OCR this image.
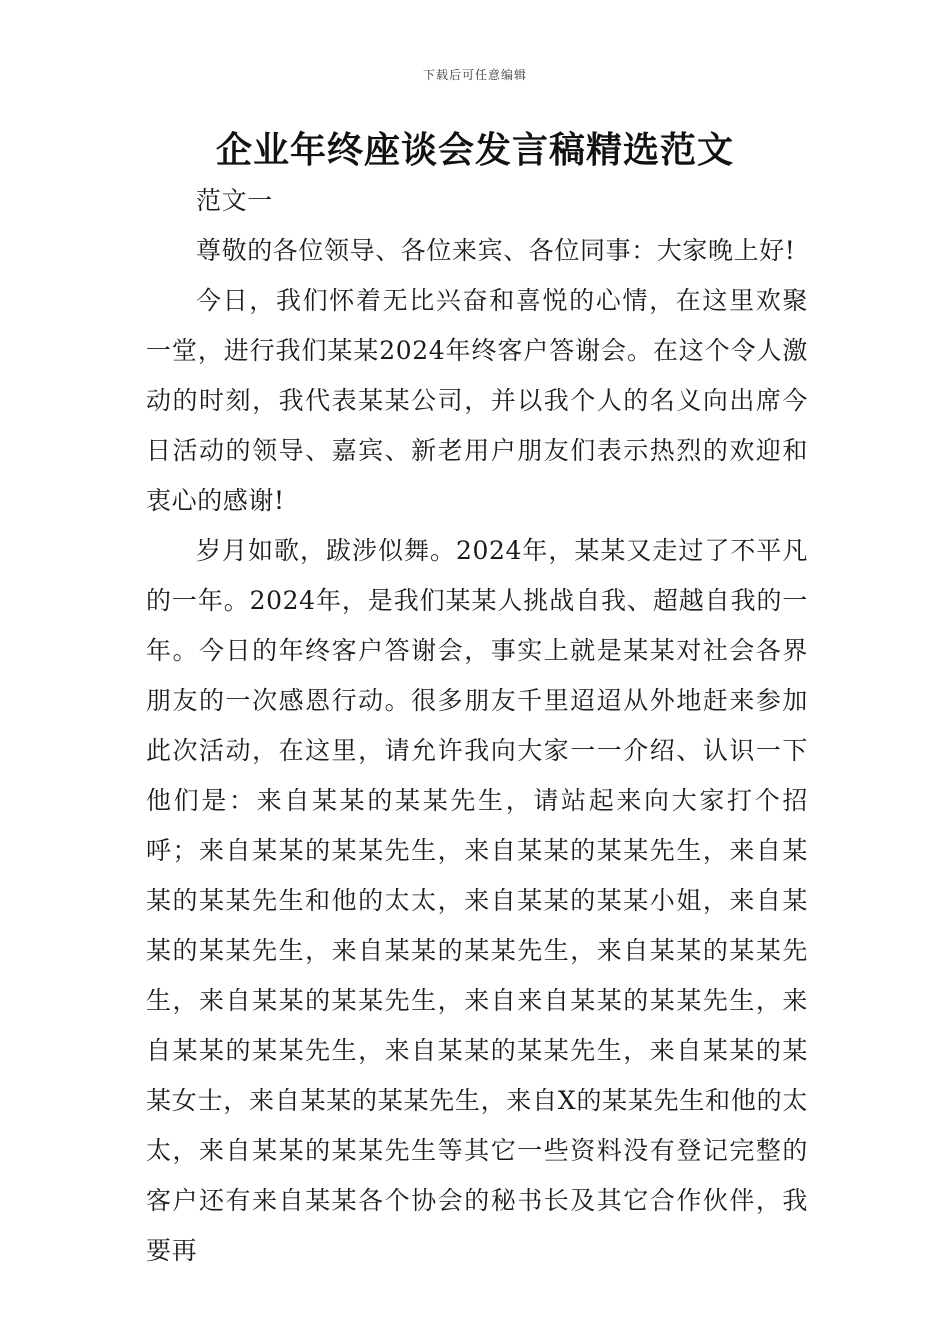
下载后可任意编辑
企业年终座谈会发言稿精选范文

范文一

尊敬的各位领导、各位来宾、各位同事：大家晚上好!

今日，我们怀着无比兴奋和喜悦的心情，在这里欢聚一堂，进行我们某某2024年终客户答谢会。在这个令人激动的时刻，我代表某某公司，并以我个人的名义向出席今日活动的领导、嘉宾、新老用户朋友们表示热烈的欢迎和衷心的感谢!

岁月如歌，跋涉似舞。2024年，某某又走过了不平凡的一年。2024年，是我们某某人挑战自我、超越自我的一年。今日的年终客户答谢会，事实上就是某某对社会各界朋友的一次感恩行动。很多朋友千里迢迢从外地赶来参加此次活动，在这里，请允许我向大家一一介绍、认识一下他们是：来自某某的某某先生，请站起来向大家打个招呼；来自某某的某某先生，来自某某的某某先生，来自某某的某某先生和他的太太，来自某某的某某小姐，来自某某的某某先生，来自某某的某某先生，来自某某的某某先生，来自某某的某某先生，来自来自某某的某某先生，来自某某的某某先生，来自某某的某某先生，来自某某的某某女士，来自某某的某某先生，来自X的某某先生和他的太太，来自某某的某某先生等其它一些资料没有登记完整的客户还有来自某某各个协会的秘书长及其它合作伙伴，我要再
